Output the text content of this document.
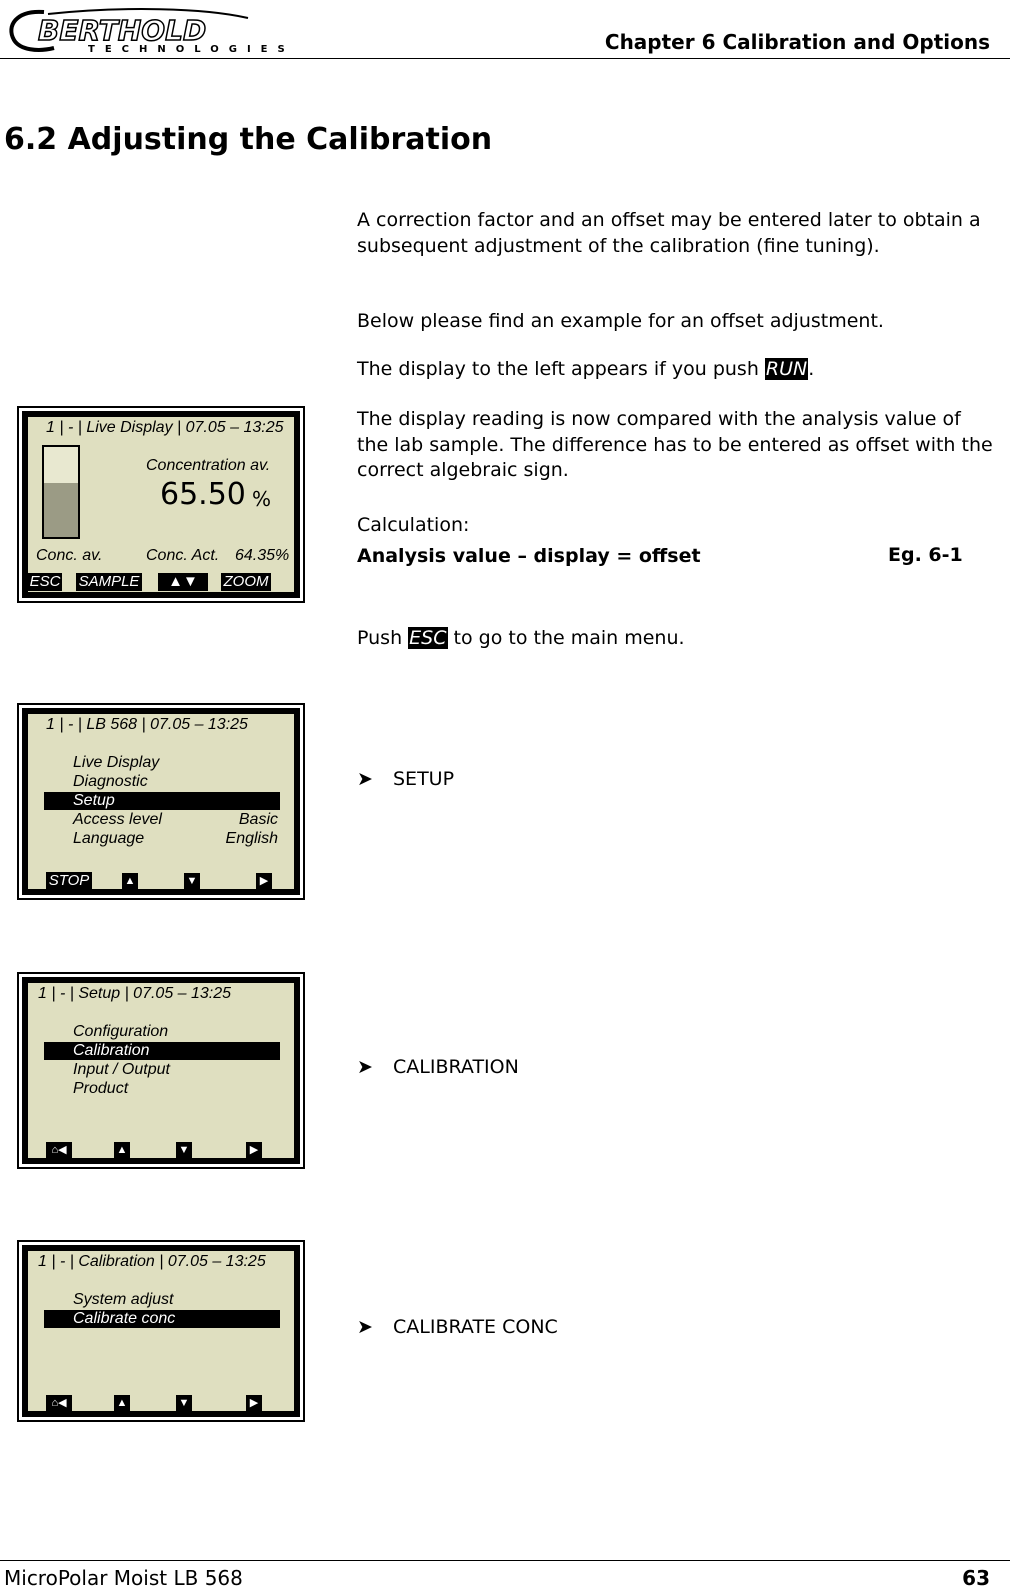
BERTHOLD
TECHNOLOGIES	Chapter 6 Calibration and Options
6.2 Adjusting the Calibration
A correction factor and an offset may be entered later to obtain a subsequent adjustment of the calibration (fine tuning).
Below please find an example for an offset adjustment.
The display to the left appears if you push RUN.
The display reading is now compared with the analysis value of the lab sample. The difference has to be entered as offset with the correct algebraic sign.
Calculation:
Analysis value – display = offset	Eg. 6-1
Push ESC to go to the main menu.
➤ SETUP
➤ CALIBRATION
➤ CALIBRATE CONC
1 | - | Live Display | 07.05 – 13:25
Concentration av.
65.50 %
Conc. av.	Conc. Act. 64.35%
ESC SAMPLE	▲▼	ZOOM
1 | - | LB 568 | 07.05 – 13:25
Live Display
Diagnostic
Setup
Access level	Basic
Language	English
STOP	▲	▼	▶
1 | - | Setup | 07.05 – 13:25
Configuration
Calibration
Input / Output
Product
⌂◀	▲	▼	▶
1 | - | Calibration | 07.05 – 13:25
System adjust
Calibrate conc
⌂◀	▲	▼	▶
MicroPolar Moist LB 568	63
